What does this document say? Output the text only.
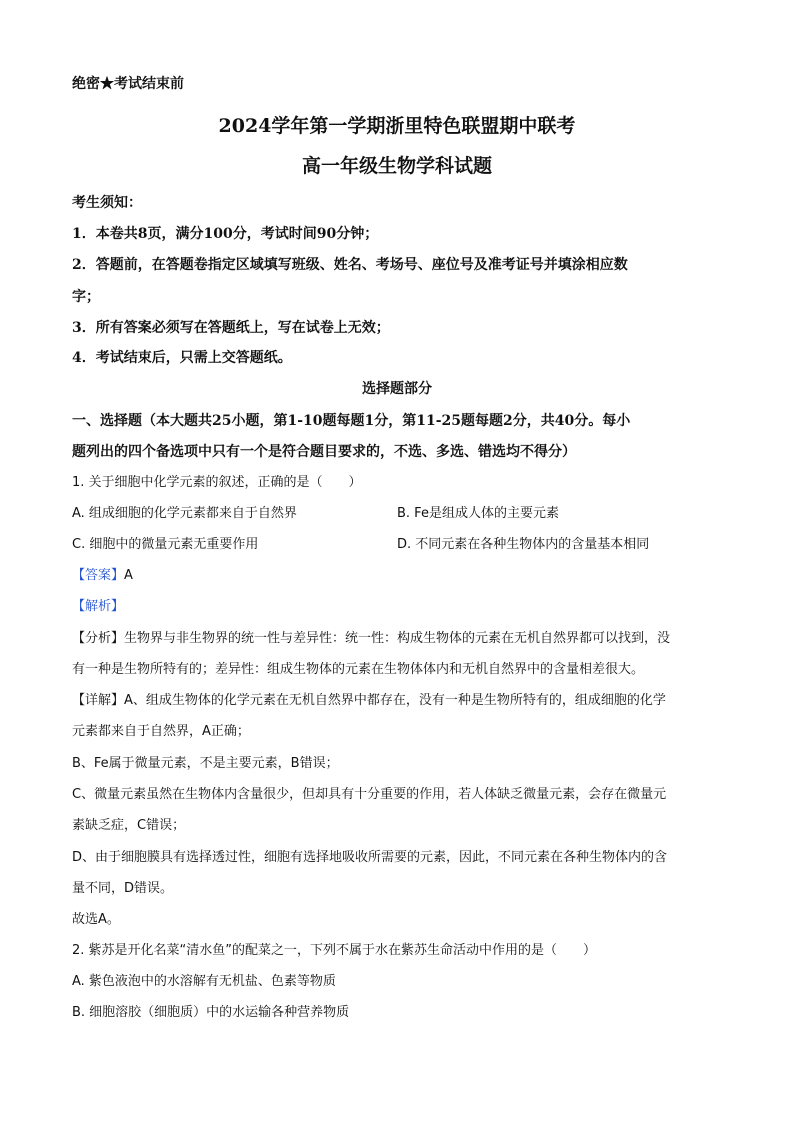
绝密★考试结束前
2024学年第一学期浙里特色联盟期中联考
高一年级生物学科试题
考生须知：
1．本卷共8页，满分100分，考试时间90分钟；
2．答题前，在答题卷指定区域填写班级、姓名、考场号、座位号及准考证号并填涂相应数
字；
3．所有答案必须写在答题纸上，写在试卷上无效；
4．考试结束后，只需上交答题纸。
选择题部分
一、选择题（本大题共25小题，第1-10题每题1分，第11-25题每题2分，共40分。每小
题列出的四个备选项中只有一个是符合题目要求的，不选、多选、错选均不得分）
1. 关于细胞中化学元素的叙述，正确的是（　　）
A. 组成细胞的化学元素都来自于自然界	B. Fe是组成人体的主要元素
C. 细胞中的微量元素无重要作用	D. 不同元素在各种生物体内的含量基本相同
【答案】A
【解析】
【分析】生物界与非生物界的统一性与差异性：统一性：构成生物体的元素在无机自然界都可以找到，没
有一种是生物所特有的；差异性：组成生物体的元素在生物体体内和无机自然界中的含量相差很大。
【详解】A、组成生物体的化学元素在无机自然界中都存在，没有一种是生物所特有的，组成细胞的化学
元素都来自于自然界，A正确；
B、Fe属于微量元素，不是主要元素，B错误；
C、微量元素虽然在生物体内含量很少，但却具有十分重要的作用，若人体缺乏微量元素，会存在微量元
素缺乏症，C错误；
D、由于细胞膜具有选择透过性，细胞有选择地吸收所需要的元素，因此，不同元素在各种生物体内的含
量不同，D错误。
故选A。
2. 紫苏是开化名菜“清水鱼”的配菜之一，下列不属于水在紫苏生命活动中作用的是（　　）
A. 紫色液泡中的水溶解有无机盐、色素等物质
B. 细胞溶胶（细胞质）中的水运输各种营养物质
